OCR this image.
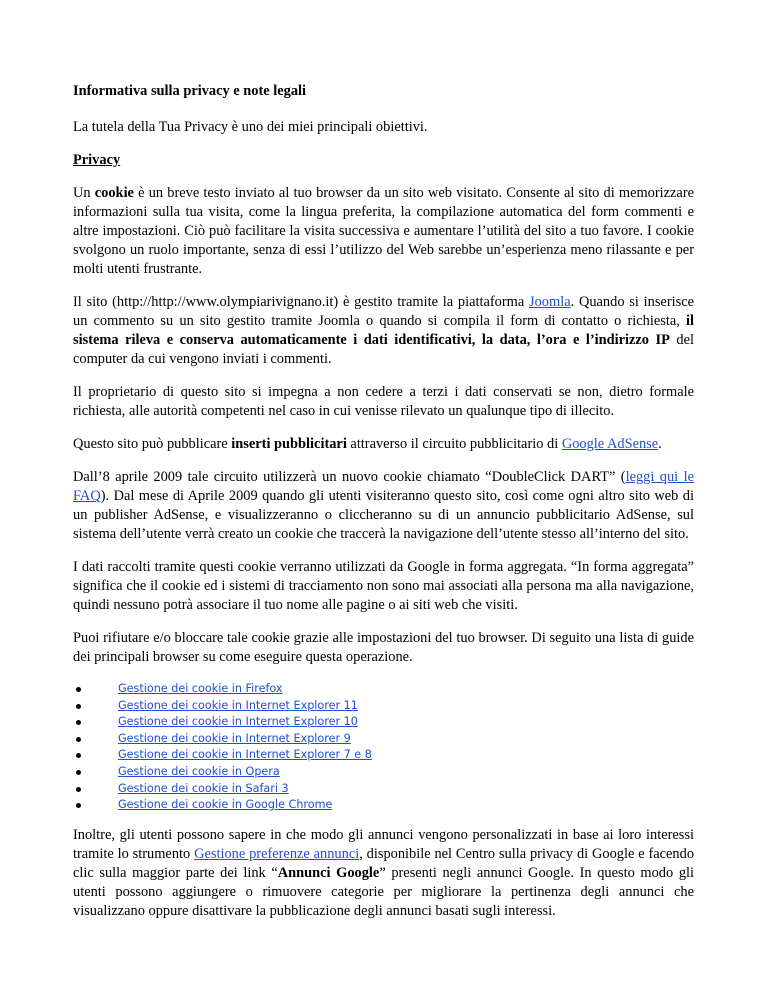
Informativa sulla privacy e note legali

La tutela della Tua Privacy è uno dei miei principali obiettivi.

Privacy

Un cookie è un breve testo inviato al tuo browser da un sito web visitato. Consente al sito di memorizzare informazioni sulla tua visita, come la lingua preferita, la compilazione automatica del form commenti e altre impostazioni. Ciò può facilitare la visita successiva e aumentare l’utilità del sito a tuo favore. I cookie svolgono un ruolo importante, senza di essi l’utilizzo del Web sarebbe un’esperienza meno rilassante e per molti utenti frustrante.

Il sito (http://http://www.olympiarivignano.it) è gestito tramite la piattaforma Joomla. Quando si inserisce un commento su un sito gestito tramite Joomla o quando si compila il form di contatto o richiesta, il sistema rileva e conserva automaticamente i dati identificativi, la data, l’ora e l’indirizzo IP del computer da cui vengono inviati i commenti.

Il proprietario di questo sito si impegna a non cedere a terzi i dati conservati se non, dietro formale richiesta, alle autorità competenti nel caso in cui venisse rilevato un qualunque tipo di illecito.

Questo sito può pubblicare inserti pubblicitari attraverso il circuito pubblicitario di Google AdSense.

Dall’8 aprile 2009 tale circuito utilizzerà un nuovo cookie chiamato “DoubleClick DART” (leggi qui le FAQ). Dal mese di Aprile 2009 quando gli utenti visiteranno questo sito, così come ogni altro sito web di un publisher AdSense, e visualizzeranno o cliccheranno su di un annuncio pubblicitario AdSense, sul sistema dell’utente verrà creato un cookie che traccerà la navigazione dell’utente stesso all’interno del sito.

I dati raccolti tramite questi cookie verranno utilizzati da Google in forma aggregata. “In forma aggregata” significa che il cookie ed i sistemi di tracciamento non sono mai associati alla persona ma alla navigazione, quindi nessuno potrà associare il tuo nome alle pagine o ai siti web che visiti.

Puoi rifiutare e/o bloccare tale cookie grazie alle impostazioni del tuo browser. Di seguito una lista di guide dei principali browser su come eseguire questa operazione.

Gestione dei cookie in Firefox
Gestione dei cookie in Internet Explorer 11
Gestione dei cookie in Internet Explorer 10
Gestione dei cookie in Internet Explorer 9
Gestione dei cookie in Internet Explorer 7 e 8
Gestione dei cookie in Opera
Gestione dei cookie in Safari 3
Gestione dei cookie in Google Chrome

Inoltre, gli utenti possono sapere in che modo gli annunci vengono personalizzati in base ai loro interessi tramite lo strumento Gestione preferenze annunci, disponibile nel Centro sulla privacy di Google e facendo clic sulla maggior parte dei link “Annunci Google” presenti negli annunci Google. In questo modo gli utenti possono aggiungere o rimuovere categorie per migliorare la pertinenza degli annunci che visualizzano oppure disattivare la pubblicazione degli annunci basati sugli interessi.
